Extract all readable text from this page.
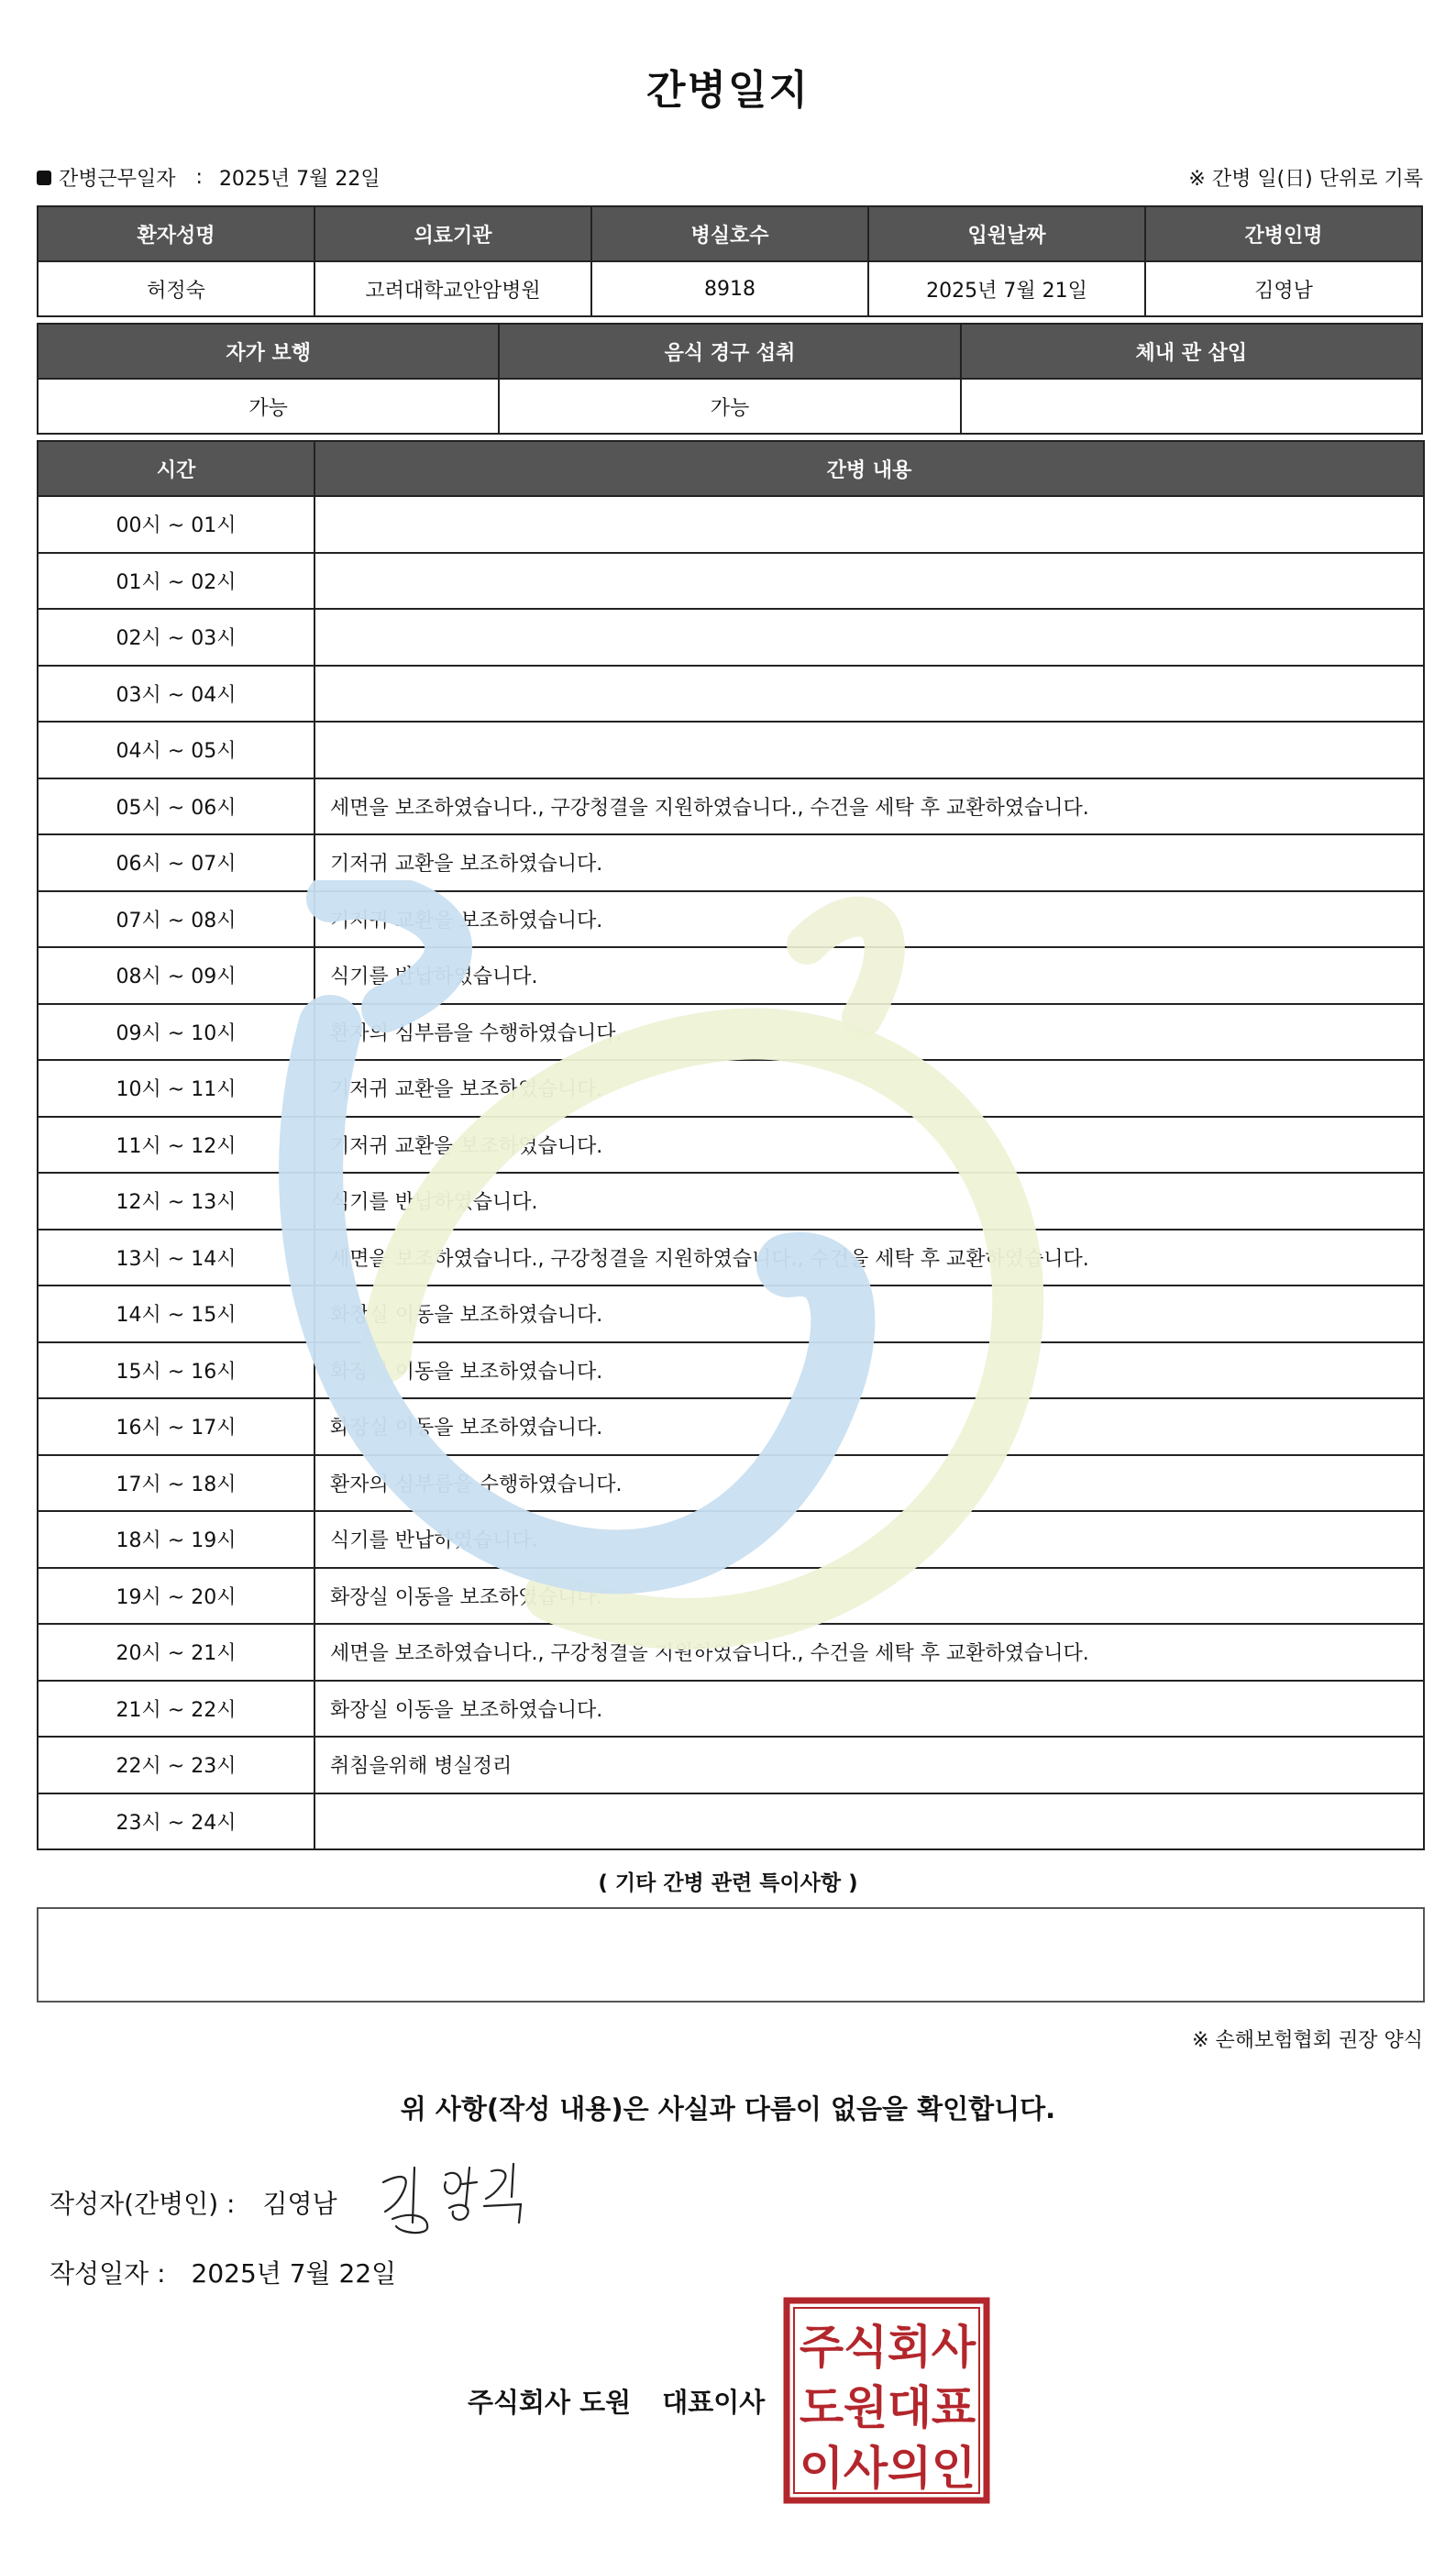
간병일지
간병근무일자 : 2025년 7월 22일	※ 간병 일(日) 단위로 기록
환자성명	의료기관	병실호수	입원날짜	간병인명
허정숙	고려대학교안암병원	8918	2025년 7월 21일	김영남
자가 보행	음식 경구 섭취	체내 관 삽입
가능	가능	
시간	간병 내용
00시 ~ 01시	
01시 ~ 02시	
02시 ~ 03시	
03시 ~ 04시	
04시 ~ 05시	
05시 ~ 06시	세면을 보조하였습니다., 구강청결을 지원하였습니다., 수건을 세탁 후 교환하였습니다.
06시 ~ 07시	기저귀 교환을 보조하였습니다.
07시 ~ 08시	기저귀 교환을 보조하였습니다.
08시 ~ 09시	식기를 반납하였습니다.
09시 ~ 10시	환자의 심부름을 수행하였습니다.
10시 ~ 11시	기저귀 교환을 보조하였습니다.
11시 ~ 12시	기저귀 교환을 보조하였습니다.
12시 ~ 13시	식기를 반납하였습니다.
13시 ~ 14시	세면을 보조하였습니다., 구강청결을 지원하였습니다., 수건을 세탁 후 교환하였습니다.
14시 ~ 15시	화장실 이동을 보조하였습니다.
15시 ~ 16시	화장실 이동을 보조하였습니다.
16시 ~ 17시	화장실 이동을 보조하였습니다.
17시 ~ 18시	환자의 심부름을 수행하였습니다.
18시 ~ 19시	식기를 반납하였습니다.
19시 ~ 20시	화장실 이동을 보조하였습니다.
20시 ~ 21시	세면을 보조하였습니다., 구강청결을 지원하였습니다., 수건을 세탁 후 교환하였습니다.
21시 ~ 22시	화장실 이동을 보조하였습니다.
22시 ~ 23시	취침을위해 병실정리
23시 ~ 24시	
( 기타 간병 관련 특이사항 )
※ 손해보험협회 권장 양식
위 사항(작성 내용)은 사실과 다름이 없음을 확인합니다.
작성자(간병인) : 김영남
작성일자 : 2025년 7월 22일
주식회사 도원 대표이사
주 식 회 사
도 원 대 표
이 사 의 인
